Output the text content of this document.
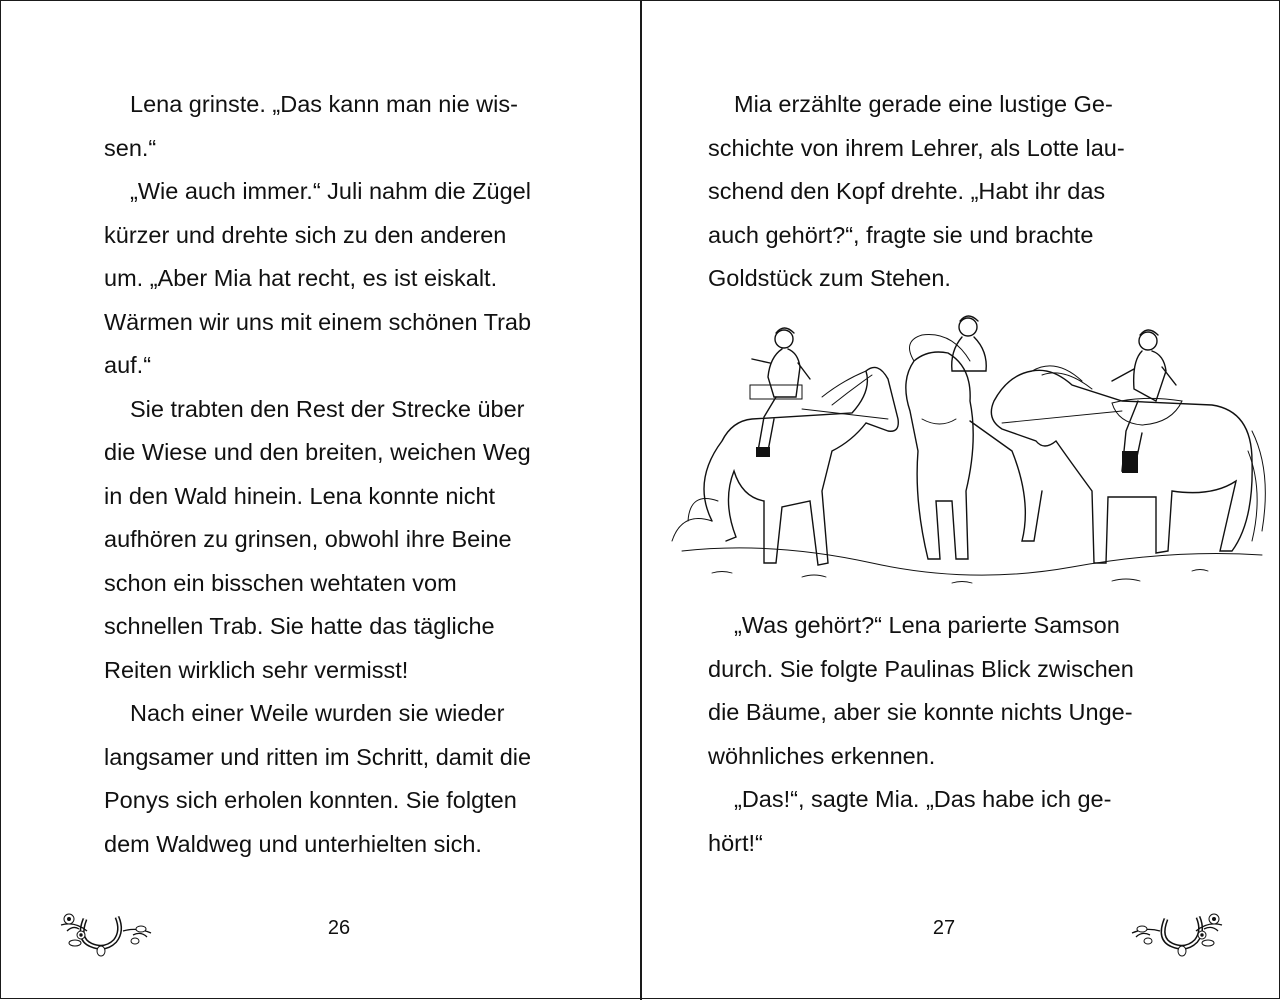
Lena grinste. „Das kann man nie wis-
sen.“
„Wie auch immer.“ Juli nahm die Zügel
kürzer und drehte sich zu den anderen
um. „Aber Mia hat recht, es ist eiskalt.
Wärmen wir uns mit einem schönen Trab
auf.“
Sie trabten den Rest der Strecke über
die Wiese und den breiten, weichen Weg
in den Wald hinein. Lena konnte nicht
aufhören zu grinsen, obwohl ihre Beine
schon ein bisschen wehtaten vom
schnellen Trab. Sie hatte das tägliche
Reiten wirklich sehr vermisst!
Nach einer Weile wurden sie wieder
langsamer und ritten im Schritt, damit die
Ponys sich erholen konnten. Sie folgten
dem Waldweg und unterhielten sich.
26
Mia erzählte gerade eine lustige Ge-
schichte von ihrem Lehrer, als Lotte lau-
schend den Kopf drehte. „Habt ihr das
auch gehört?“, fragte sie und brachte
Goldstück zum Stehen.
„Was gehört?“ Lena parierte Samson
durch. Sie folgte Paulinas Blick zwischen
die Bäume, aber sie konnte nichts Unge-
wöhnliches erkennen.
„Das!“, sagte Mia. „Das habe ich ge-
hört!“
27
